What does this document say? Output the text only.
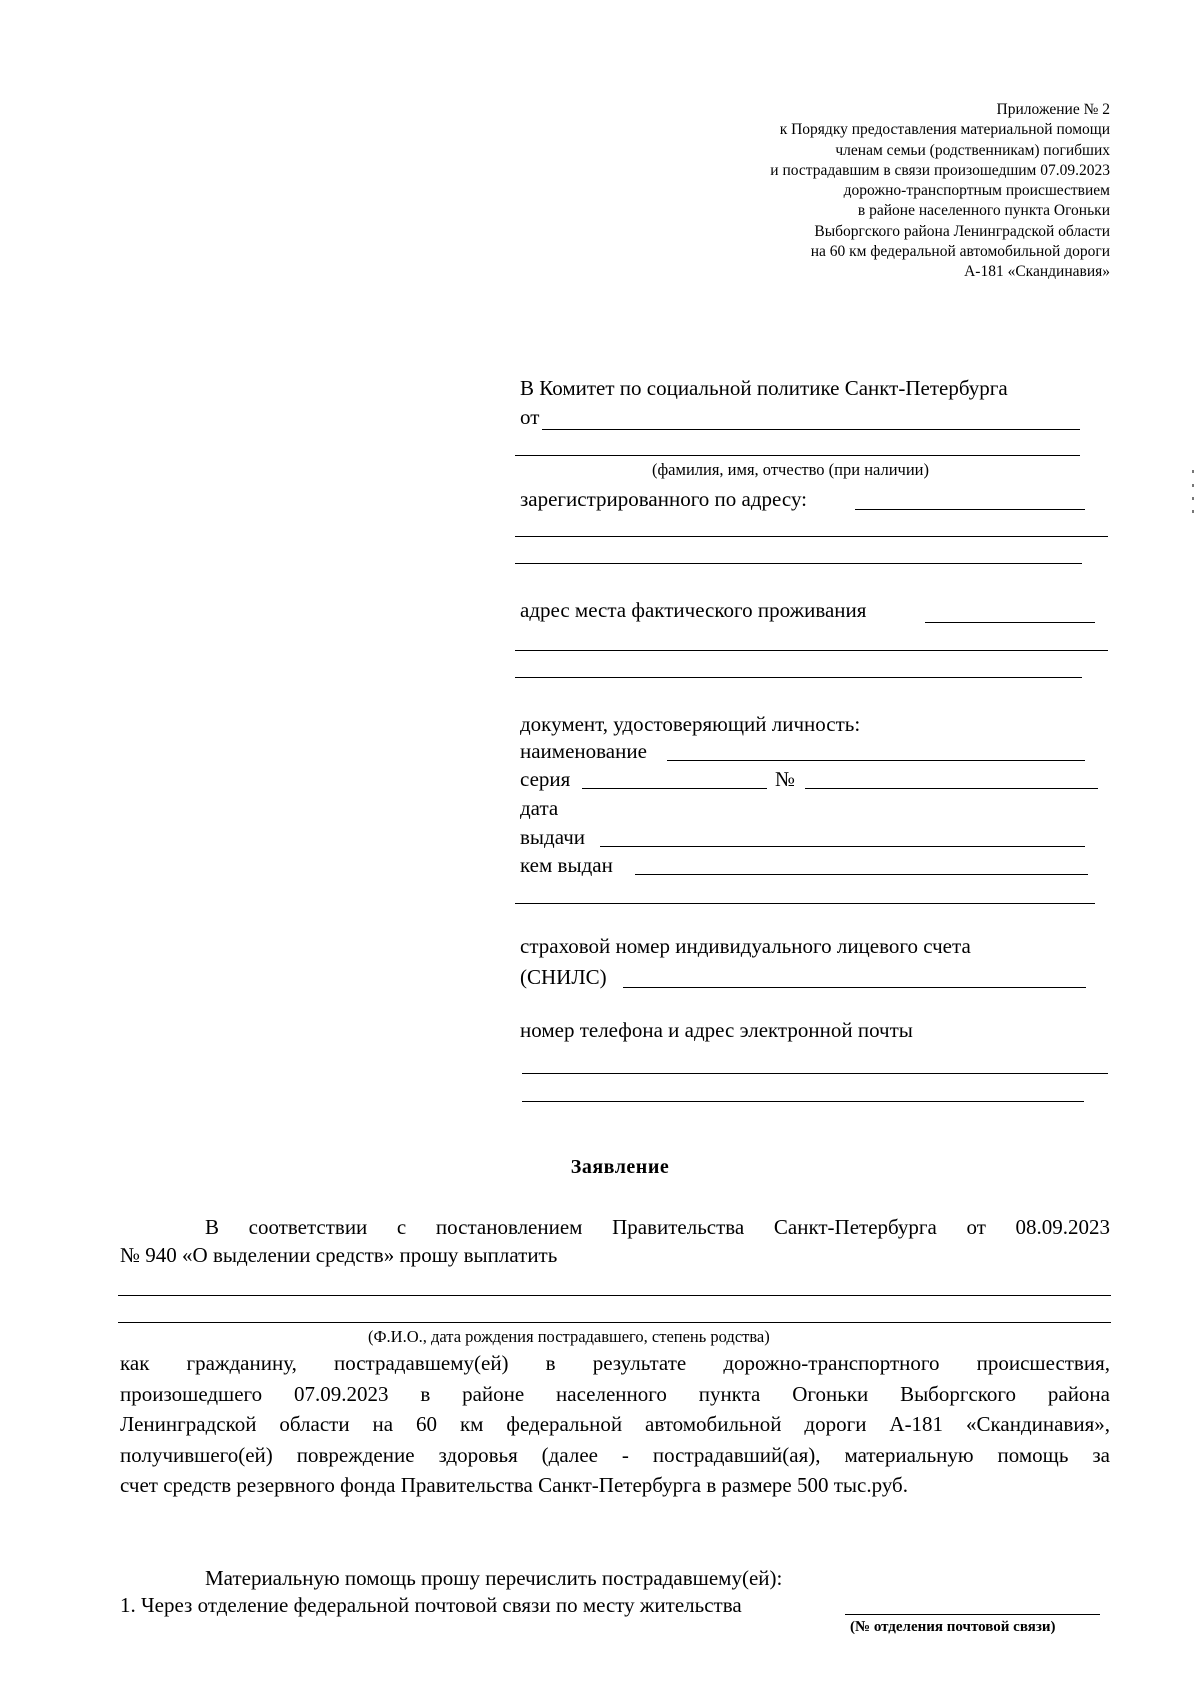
Приложение № 2
к Порядку предоставления материальной помощи
членам семьи (родственникам) погибших
и пострадавшим в связи произошедшим 07.09.2023
дорожно-транспортным происшествием
в районе населенного пункта Огоньки
Выборгского района Ленинградской области
на 60 км федеральной автомобильной дороги
А-181 «Скандинавия»
В Комитет по социальной политике Санкт-Петербурга
от
(фамилия, имя, отчество (при наличии)
зарегистрированного по адресу:
адрес места фактического проживания
документ, удостоверяющий личность:
наименование
серия	№
дата
выдачи
кем выдан
страховой номер индивидуального лицевого счета
(СНИЛС)
номер телефона и адрес электронной почты
Заявление
В соответствии с постановлением Правительства Санкт-Петербурга от 08.09.2023
№ 940 «О выделении средств» прошу выплатить
(Ф.И.О., дата рождения пострадавшего, степень родства)
как гражданину, пострадавшему(ей) в результате дорожно-транспортного происшествия,
произошедшего 07.09.2023 в районе населенного пункта Огоньки Выборгского района
Ленинградской области на 60 км федеральной автомобильной дороги А-181 «Скандинавия»,
получившего(ей) повреждение здоровья (далее - пострадавший(ая), материальную помощь за
счет средств резервного фонда Правительства Санкт-Петербурга в размере 500 тыс.руб.
Материальную помощь прошу перечислить пострадавшему(ей):
1. Через отделение федеральной почтовой связи по месту жительства
(№ отделения почтовой связи)
